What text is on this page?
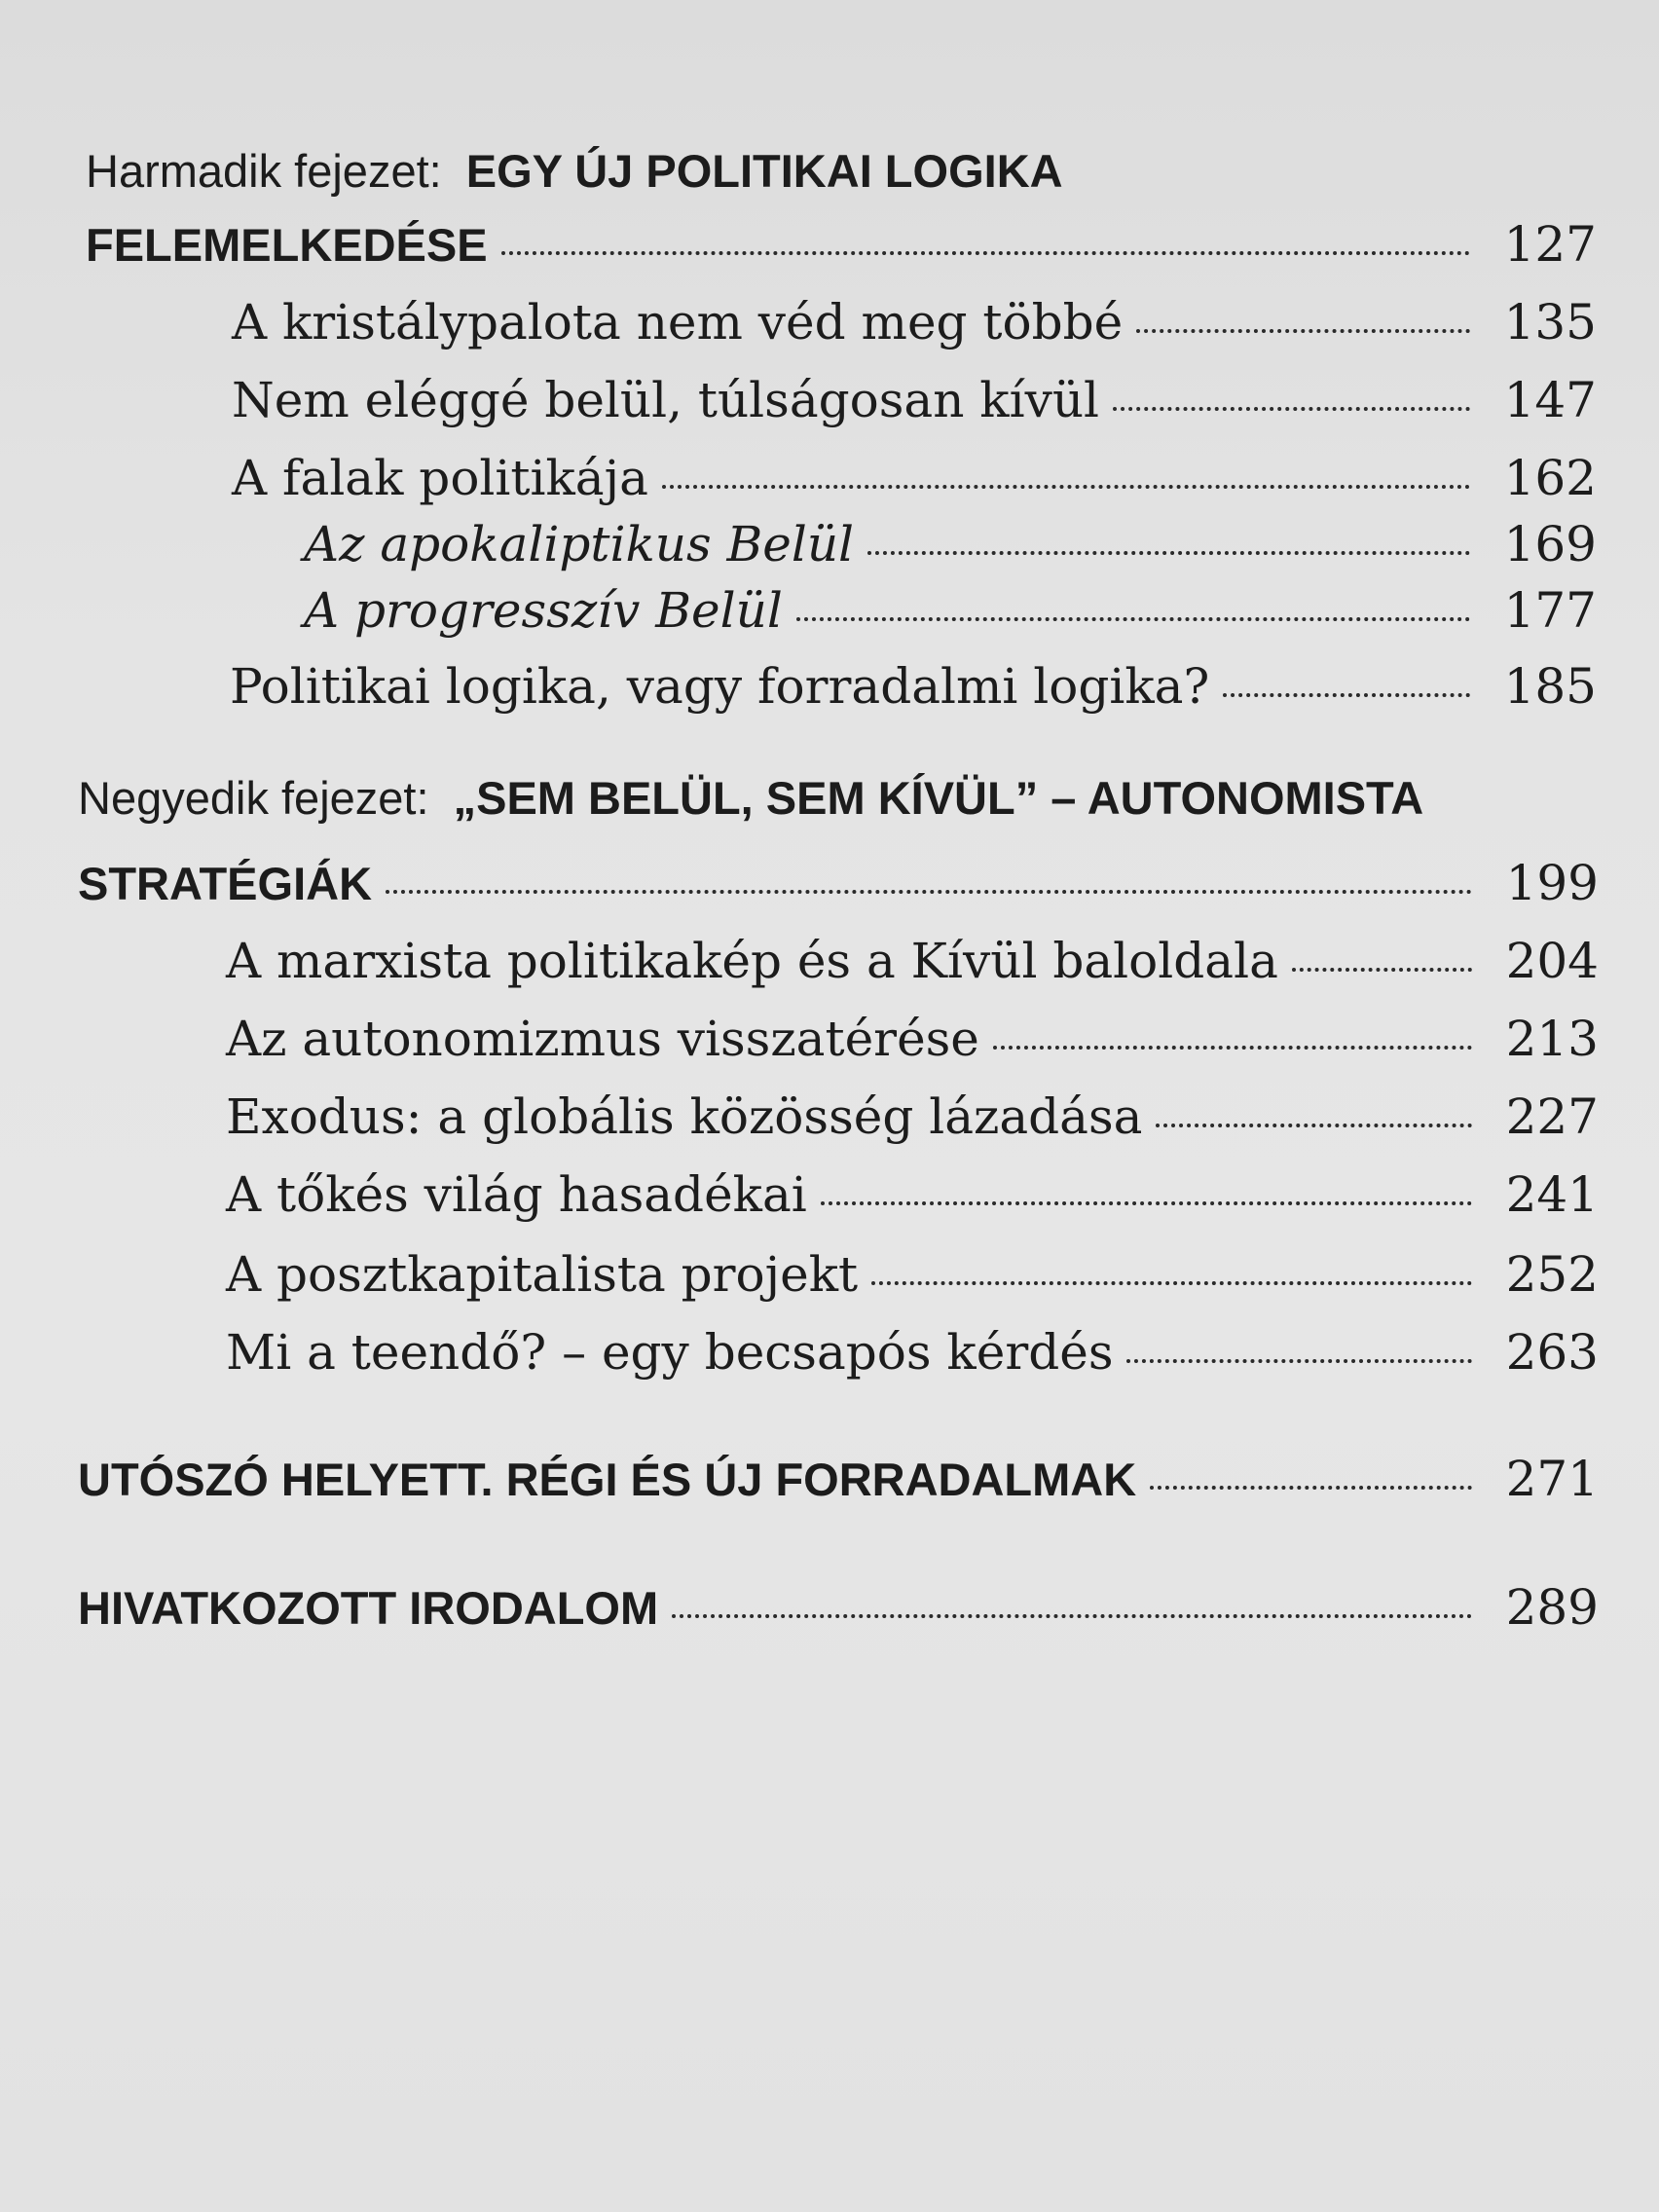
Harmadik fejezet: EGY ÚJ POLITIKAI LOGIKA
FELEMELKEDÉSE	127
A kristálypalota nem véd meg többé	135
Nem eléggé belül, túlságosan kívül	147
A falak politikája	162
Az apokaliptikus Belül	169
A progresszív Belül	177
Politikai logika, vagy forradalmi logika?	185
Negyedik fejezet: „SEM BELÜL, SEM KÍVÜL” – AUTONOMISTA
STRATÉGIÁK	199
A marxista politikakép és a Kívül baloldala	204
Az autonomizmus visszatérése	213
Exodus: a globális közösség lázadása	227
A tőkés világ hasadékai	241
A posztkapitalista projekt	252
Mi a teendő? – egy becsapós kérdés	263
UTÓSZÓ HELYETT. RÉGI ÉS ÚJ FORRADALMAK	271
HIVATKOZOTT IRODALOM	289
